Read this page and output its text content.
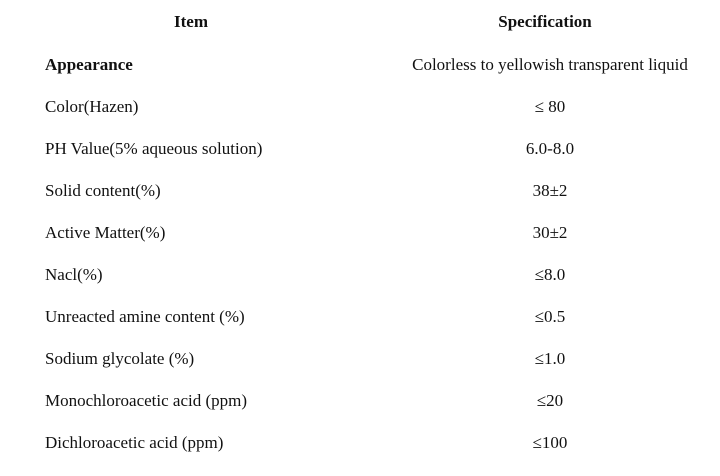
Item	Specification
Appearance	Colorless to yellowish transparent liquid
Color(Hazen)	≤ 80
PH Value(5% aqueous solution)	6.0-8.0
Solid content(%)	38±2
Active Matter(%)	30±2
Nacl(%)	≤8.0
Unreacted amine content (%)	≤0.5
Sodium glycolate (%)	≤1.0
Monochloroacetic acid (ppm)	≤20
Dichloroacetic acid (ppm)	≤100
